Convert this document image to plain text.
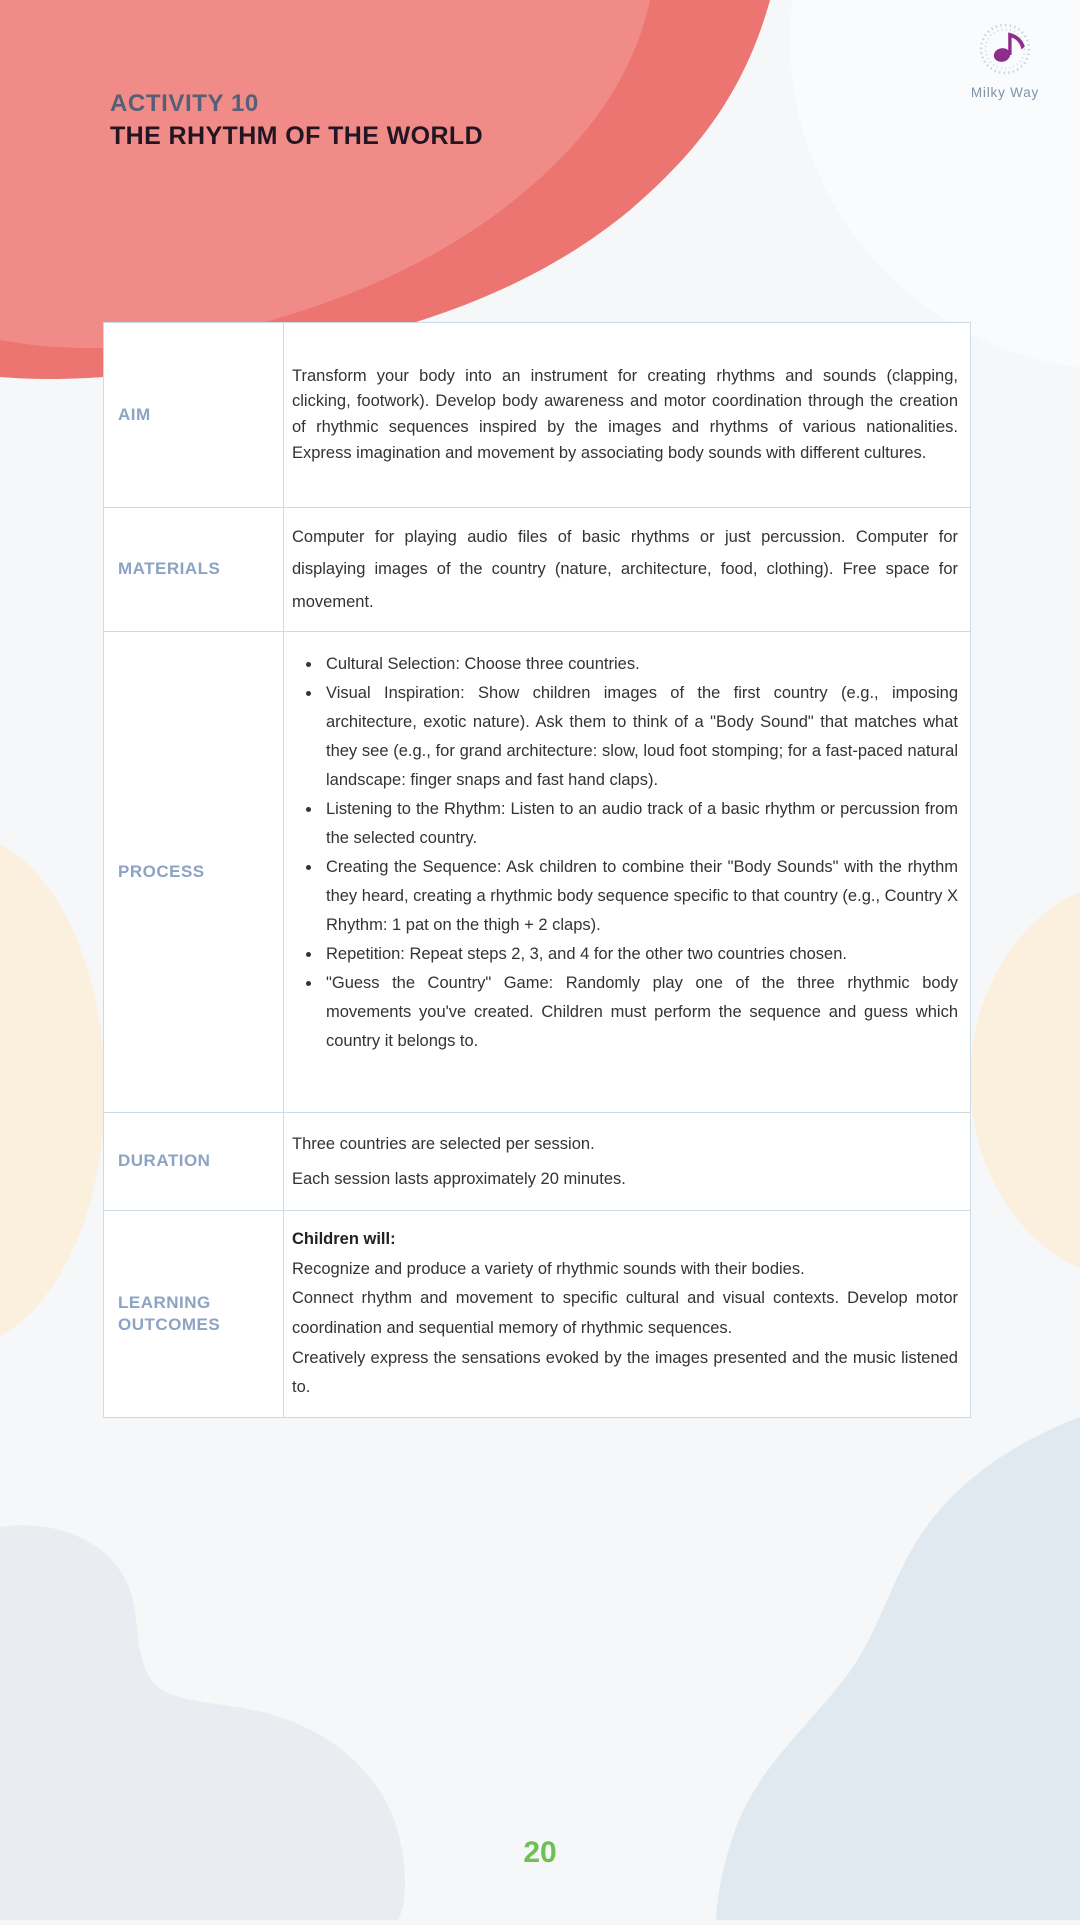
ACTIVITY 10
THE RHYTHM OF THE WORLD
Milky Way
AIM
Transform your body into an instrument for creating rhythms and sounds (clapping, clicking, footwork). Develop body awareness and motor coordination through the creation of rhythmic sequences inspired by the images and rhythms of various nationalities. Express imagination and movement by associating body sounds with different cultures.
MATERIALS
Computer for playing audio files of basic rhythms or just percussion. Computer for displaying images of the country (nature, architecture, food, clothing). Free space for movement.
PROCESS
• Cultural Selection: Choose three countries.
• Visual Inspiration: Show children images of the first country (e.g., imposing architecture, exotic nature). Ask them to think of a "Body Sound" that matches what they see (e.g., for grand architecture: slow, loud foot stomping; for a fast-paced natural landscape: finger snaps and fast hand claps).
• Listening to the Rhythm: Listen to an audio track of a basic rhythm or percussion from the selected country.
• Creating the Sequence: Ask children to combine their "Body Sounds" with the rhythm they heard, creating a rhythmic body sequence specific to that country (e.g., Country X Rhythm: 1 pat on the thigh + 2 claps).
• Repetition: Repeat steps 2, 3, and 4 for the other two countries chosen.
• "Guess the Country" Game: Randomly play one of the three rhythmic body movements you've created. Children must perform the sequence and guess which country it belongs to.
DURATION
Three countries are selected per session.
Each session lasts approximately 20 minutes.
LEARNING OUTCOMES
Children will:
Recognize and produce a variety of rhythmic sounds with their bodies.
Connect rhythm and movement to specific cultural and visual contexts. Develop motor coordination and sequential memory of rhythmic sequences.
Creatively express the sensations evoked by the images presented and the music listened to.
20
